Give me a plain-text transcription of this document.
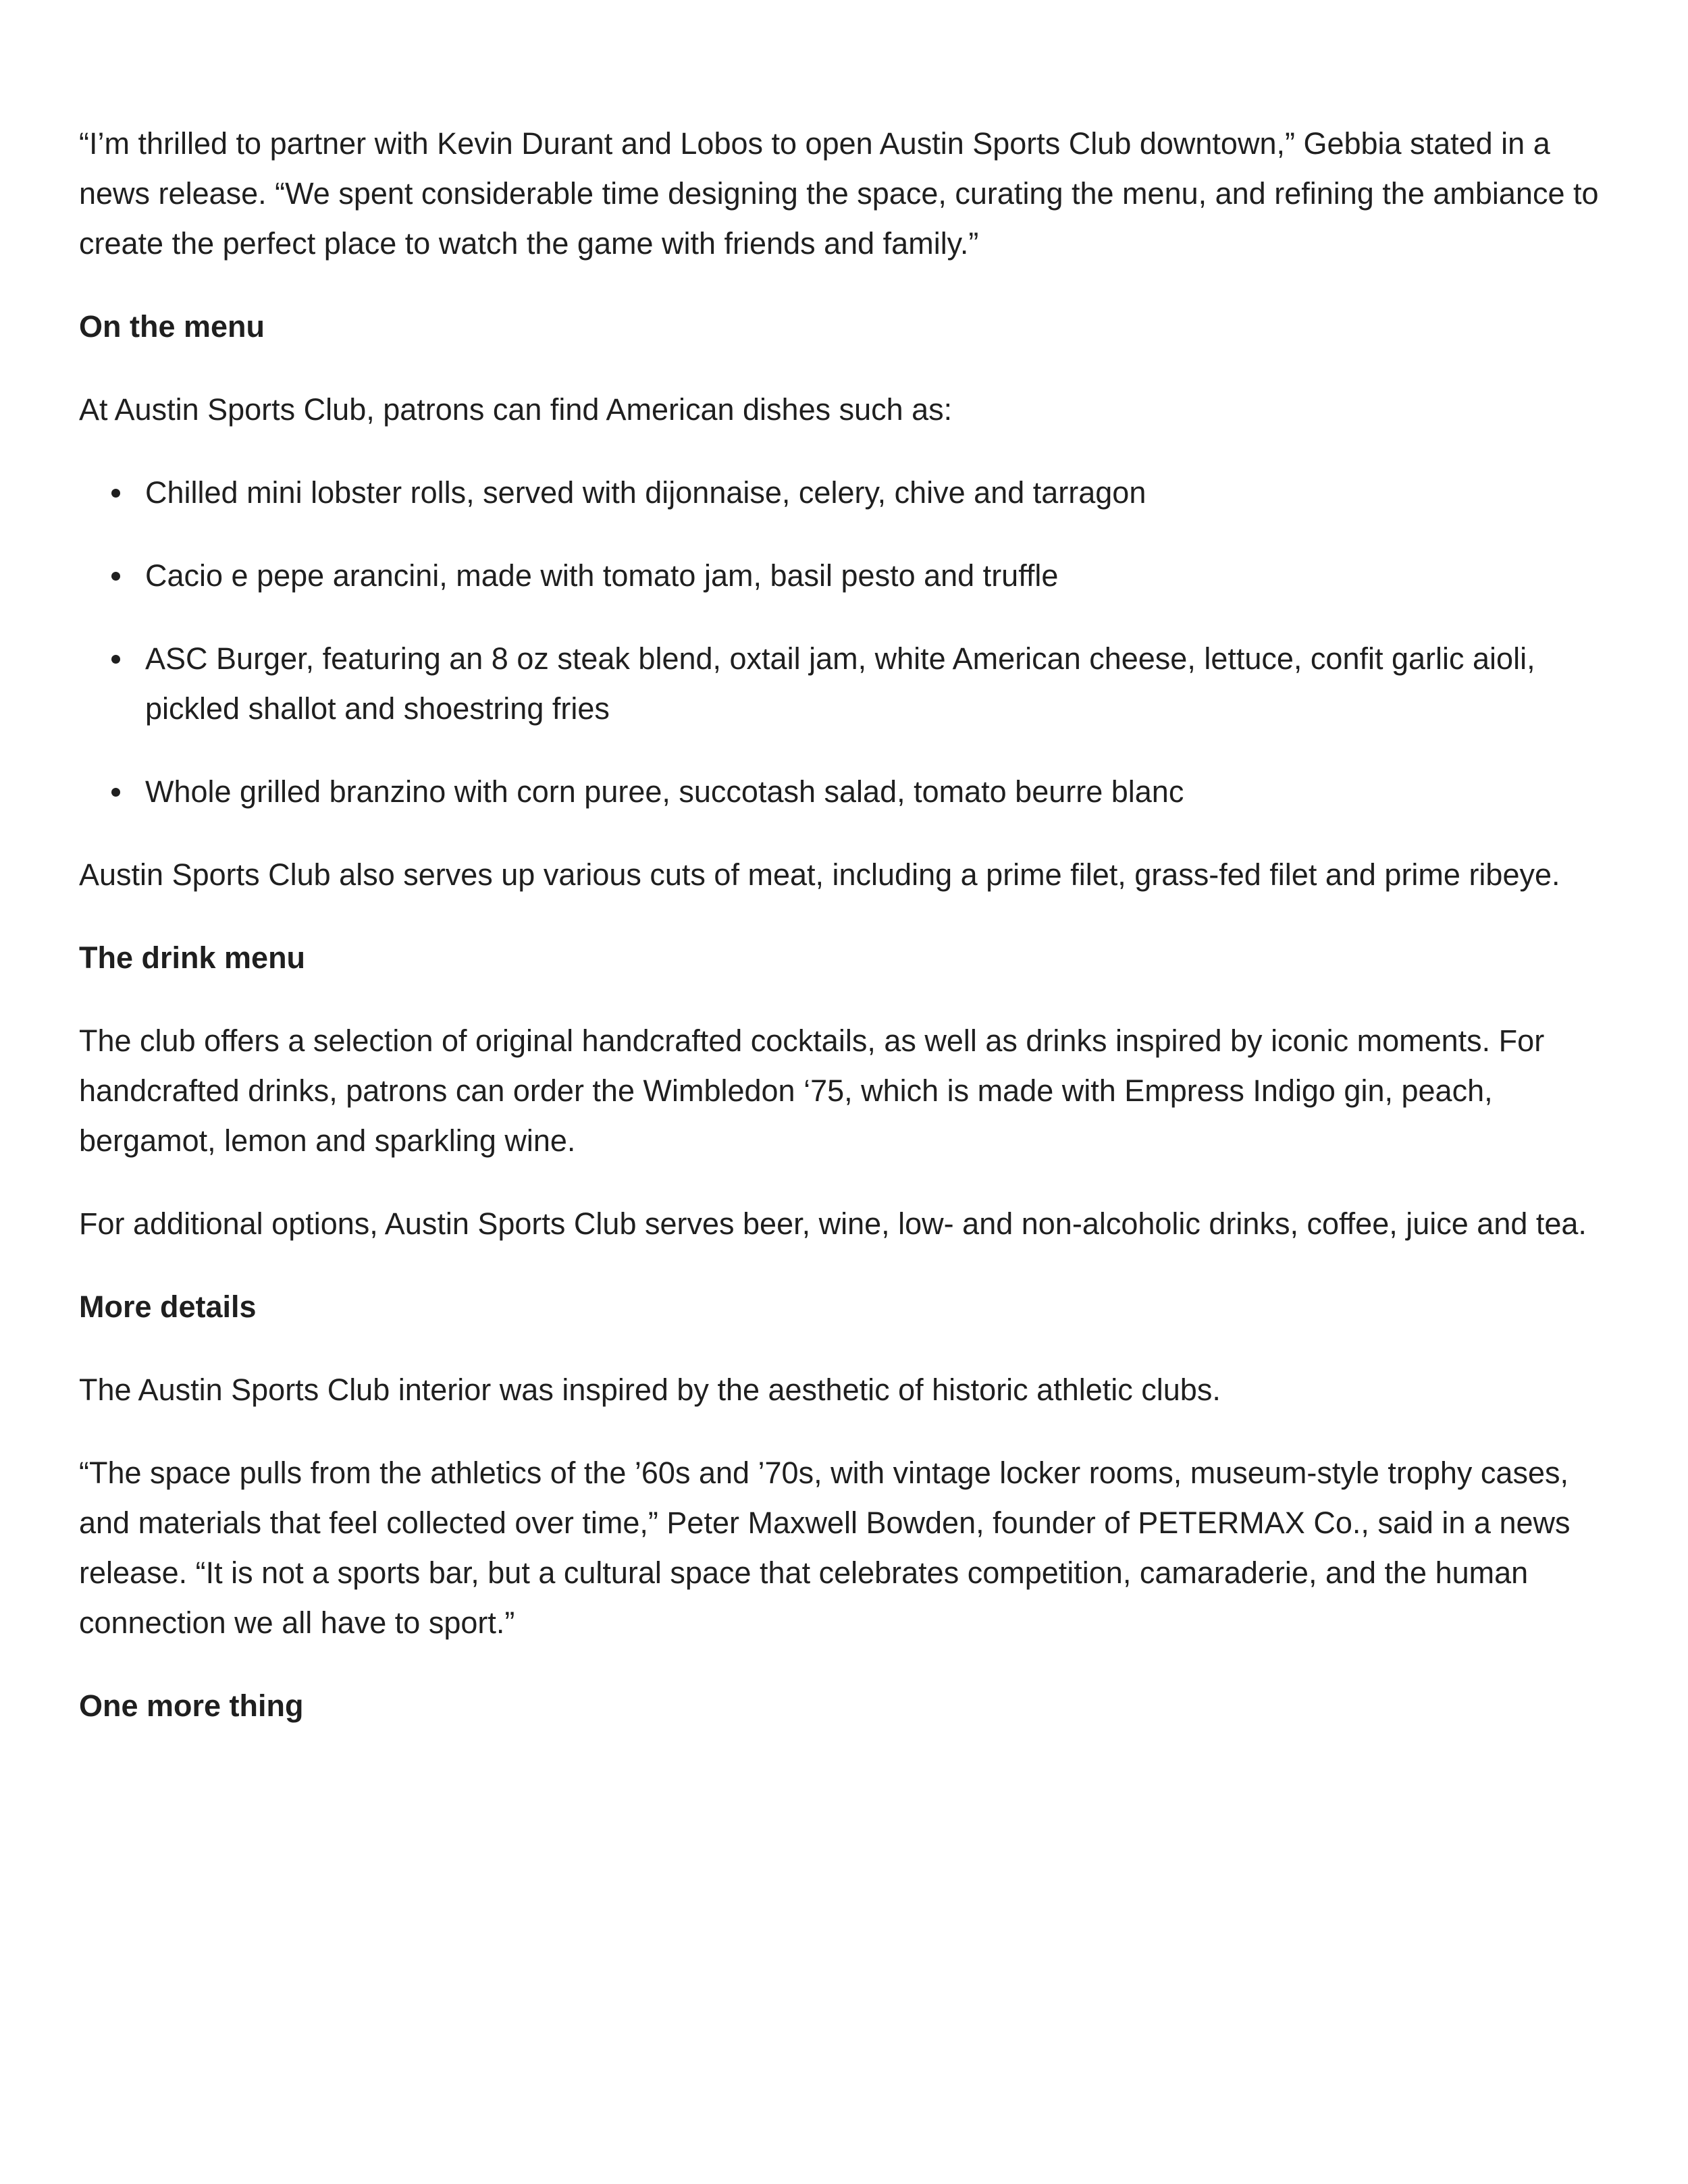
“I’m thrilled to partner with Kevin Durant and Lobos to open Austin Sports Club downtown,” Gebbia stated in a news release. “We spent considerable time designing the space, curating the menu, and refining the ambiance to create the perfect place to watch the game with friends and family.”

On the menu

At Austin Sports Club, patrons can find American dishes such as:

Chilled mini lobster rolls, served with dijonnaise, celery, chive and tarragon
Cacio e pepe arancini, made with tomato jam, basil pesto and truffle
ASC Burger, featuring an 8 oz steak blend, oxtail jam, white American cheese, lettuce, confit garlic aioli, pickled shallot and shoestring fries
Whole grilled branzino with corn puree, succotash salad, tomato beurre blanc

Austin Sports Club also serves up various cuts of meat, including a prime filet, grass-fed filet and prime ribeye.

The drink menu

The club offers a selection of original handcrafted cocktails, as well as drinks inspired by iconic moments. For handcrafted drinks, patrons can order the Wimbledon ‘75, which is made with Empress Indigo gin, peach, bergamot, lemon and sparkling wine.

For additional options, Austin Sports Club serves beer, wine, low- and non-alcoholic drinks, coffee, juice and tea.

More details

The Austin Sports Club interior was inspired by the aesthetic of historic athletic clubs.

“The space pulls from the athletics of the ’60s and ’70s, with vintage locker rooms, museum-style trophy cases, and materials that feel collected over time,” Peter Maxwell Bowden, founder of PETERMAX Co., said in a news release. “It is not a sports bar, but a cultural space that celebrates competition, camaraderie, and the human connection we all have to sport.”

One more thing
